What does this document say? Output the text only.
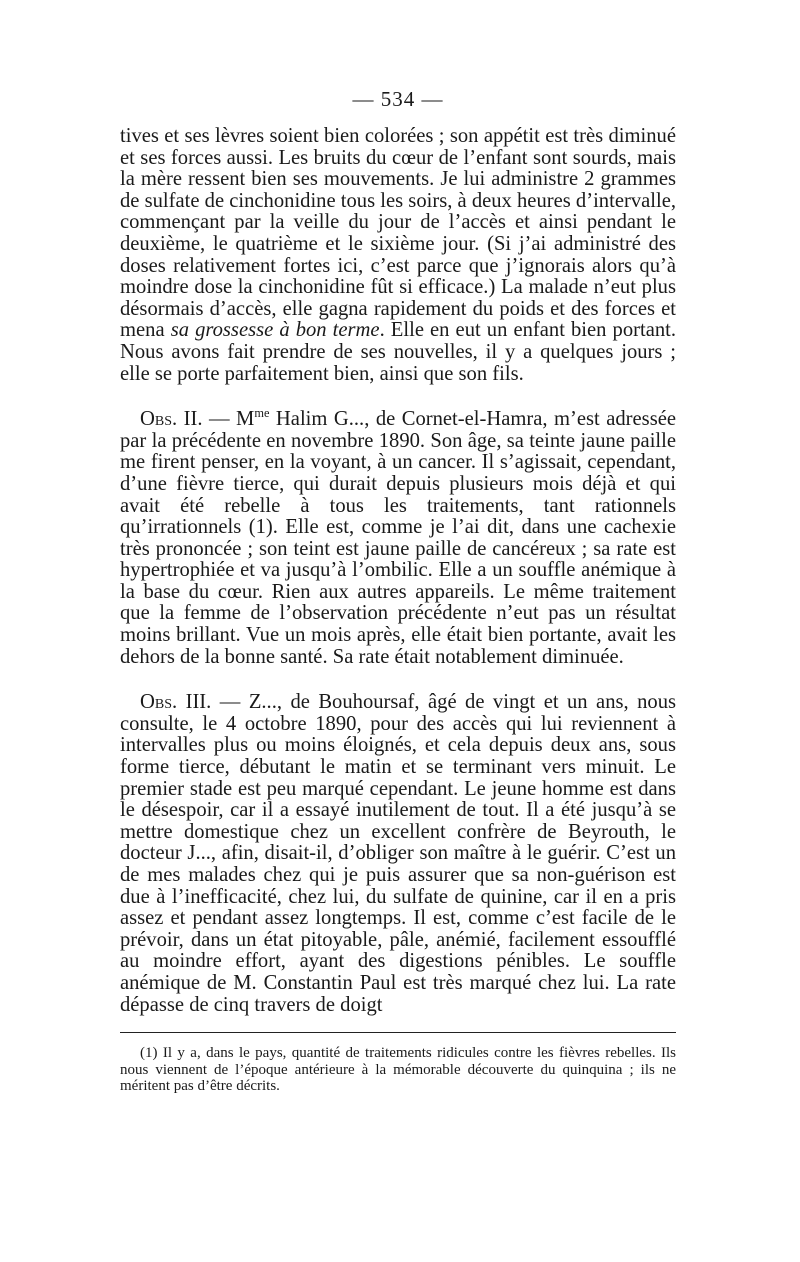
— 534 —

tives et ses lèvres soient bien colorées ; son appétit est très diminué et ses forces aussi. Les bruits du cœur de l’enfant sont sourds, mais la mère ressent bien ses mouvements. Je lui administre 2 grammes de sulfate de cinchonidine tous les soirs, à deux heures d’intervalle, commençant par la veille du jour de l’accès et ainsi pendant le deuxième, le quatrième et le sixième jour. (Si j’ai administré des doses relativement fortes ici, c’est parce que j’ignorais alors qu’à moindre dose la cinchonidine fût si efficace.) La malade n’eut plus désormais d’accès, elle gagna rapidement du poids et des forces et mena sa grossesse à bon terme. Elle en eut un enfant bien portant. Nous avons fait prendre de ses nouvelles, il y a quelques jours ; elle se porte parfaitement bien, ainsi que son fils.

Obs. II. — $M^{me}$ Halim G..., de Cornet-el-Hamra, m’est adressée par la précédente en novembre 1890. Son âge, sa teinte jaune paille me firent penser, en la voyant, à un cancer. Il s’agissait, cependant, d’une fièvre tierce, qui durait depuis plusieurs mois déjà et qui avait été rebelle à tous les traitements, tant rationnels qu’irrationnels (1). Elle est, comme je l’ai dit, dans une cachexie très prononcée ; son teint est jaune paille de cancéreux ; sa rate est hypertrophiée et va jusqu’à l’ombilic. Elle a un souffle anémique à la base du cœur. Rien aux autres appareils. Le même traitement que la femme de l’observation précédente n’eut pas un résultat moins brillant. Vue un mois après, elle était bien portante, avait les dehors de la bonne santé. Sa rate était notablement diminuée.

Obs. III. — Z..., de Bouhoursaf, âgé de vingt et un ans, nous consulte, le 4 octobre 1890, pour des accès qui lui reviennent à intervalles plus ou moins éloignés, et cela depuis deux ans, sous forme tierce, débutant le matin et se terminant vers minuit. Le premier stade est peu marqué cependant. Le jeune homme est dans le désespoir, car il a essayé inutilement de tout. Il a été jusqu’à se mettre domestique chez un excellent confrère de Beyrouth, le docteur J..., afin, disait-il, d’obliger son maître à le guérir. C’est un de mes malades chez qui je puis assurer que sa non-guérison est due à l’inefficacité, chez lui, du sulfate de quinine, car il en a pris assez et pendant assez longtemps. Il est, comme c’est facile de le prévoir, dans un état pitoyable, pâle, anémié, facilement essoufflé au moindre effort, ayant des digestions pénibles. Le souffle anémique de M. Constantin Paul est très marqué chez lui. La rate dépasse de cinq travers de doigt

(1) Il y a, dans le pays, quantité de traitements ridicules contre les fièvres rebelles. Ils nous viennent de l’époque antérieure à la mémorable découverte du quinquina ; ils ne méritent pas d’être décrits.
